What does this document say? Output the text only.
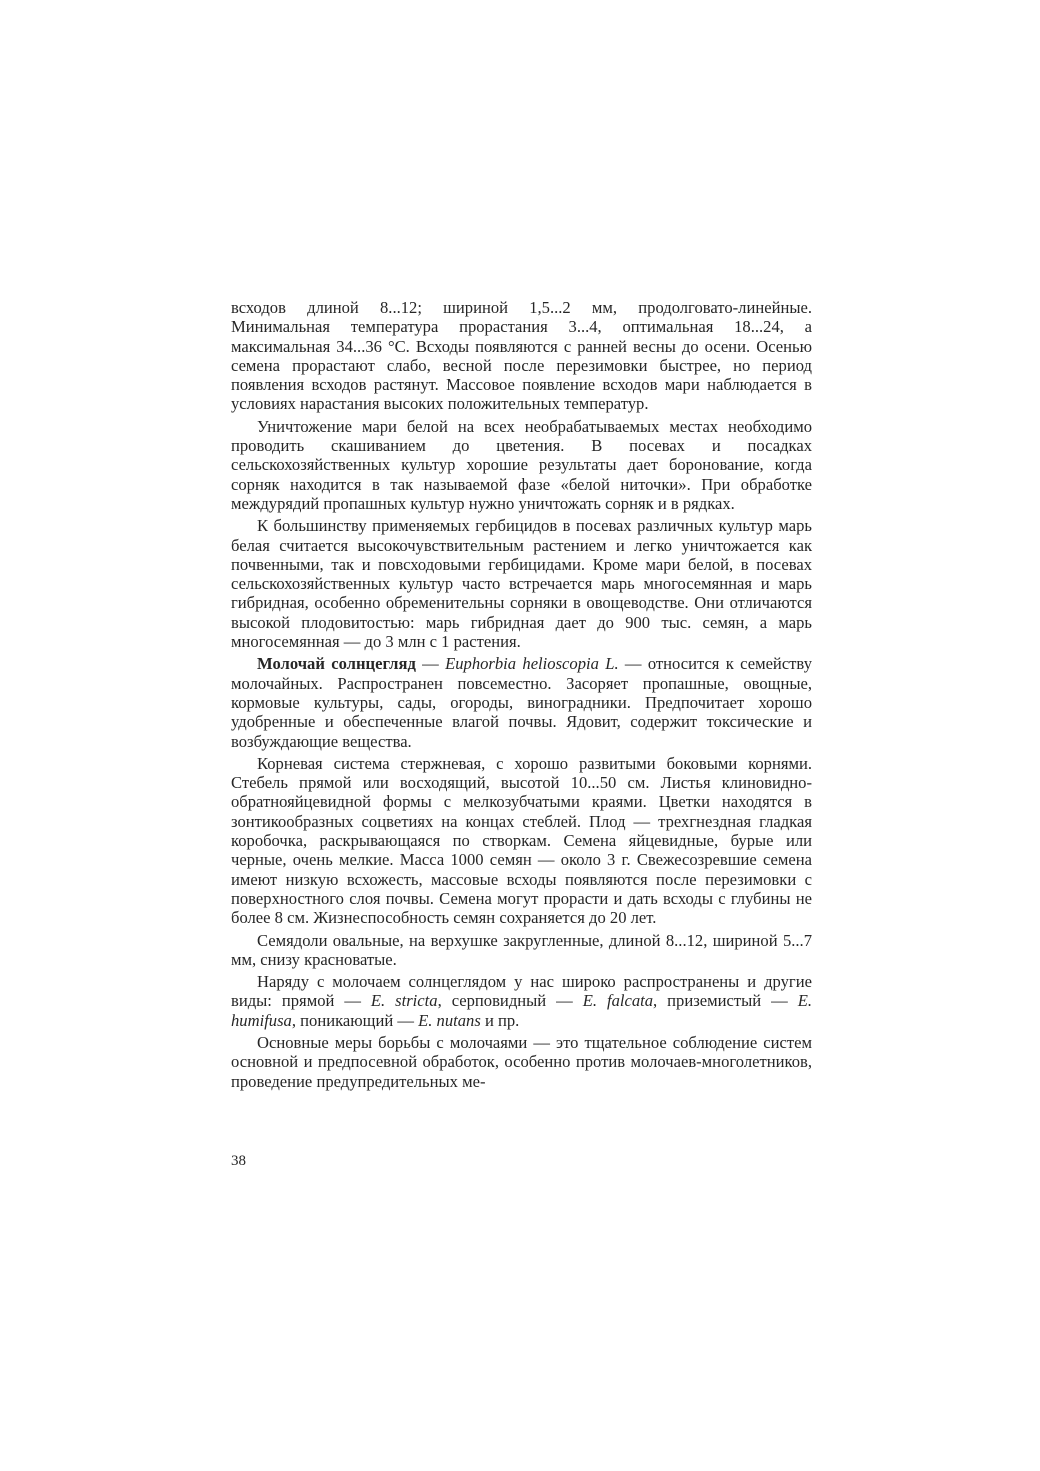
всходов длиной 8...12; шириной 1,5...2 мм, продолговато-линейные. Минимальная температура прорастания 3...4, оптимальная 18...24, а максимальная 34...36 °С. Всходы появляются с ранней весны до осени. Осенью семена прорастают слабо, весной после перезимовки быстрее, но период появления всходов растянут. Массовое появление всходов мари наблюдается в условиях нарастания высоких положительных температур.

Уничтожение мари белой на всех необрабатываемых местах необходимо проводить скашиванием до цветения. В посевах и посадках сельскохозяйственных культур хорошие результаты дает боронование, когда сорняк находится в так называемой фазе «белой ниточки». При обработке междурядий пропашных культур нужно уничтожать сорняк и в рядках.

К большинству применяемых гербицидов в посевах различных культур марь белая считается высокочувствительным растением и легко уничтожается как почвенными, так и повсходовыми гербицидами. Кроме мари белой, в посевах сельскохозяйственных культур часто встречается марь многосемянная и марь гибридная, особенно обременительны сорняки в овощеводстве. Они отличаются высокой плодовитостью: марь гибридная дает до 900 тыс. семян, а марь многосемянная — до 3 млн с 1 растения.

Молочай солнцегляд — Euphorbia helioscopia L. — относится к семейству молочайных. Распространен повсеместно. Засоряет пропашные, овощные, кормовые культуры, сады, огороды, виноградники. Предпочитает хорошо удобренные и обеспеченные влагой почвы. Ядовит, содержит токсические и возбуждающие вещества.

Корневая система стержневая, с хорошо развитыми боковыми корнями. Стебель прямой или восходящий, высотой 10...50 см. Листья клиновидно-обратнояйцевидной формы с мелкозубчатыми краями. Цветки находятся в зонтикообразных соцветиях на концах стеблей. Плод — трехгнездная гладкая коробочка, раскрывающаяся по створкам. Семена яйцевидные, бурые или черные, очень мелкие. Масса 1000 семян — около 3 г. Свежесозревшие семена имеют низкую всхожесть, массовые всходы появляются после перезимовки с поверхностного слоя почвы. Семена могут прорасти и дать всходы с глубины не более 8 см. Жизнеспособность семян сохраняется до 20 лет.

Семядоли овальные, на верхушке закругленные, длиной 8...12, шириной 5...7 мм, снизу красноватые.

Наряду с молочаем солнцеглядом у нас широко распространены и другие виды: прямой — E. stricta, серповидный — E. falcata, приземистый — E. humifusa, поникающий — E. nutans и пр.

Основные меры борьбы с молочаями — это тщательное соблюдение систем основной и предпосевной обработок, особенно против молочаев-многолетников, проведение предупредительных ме-

38
